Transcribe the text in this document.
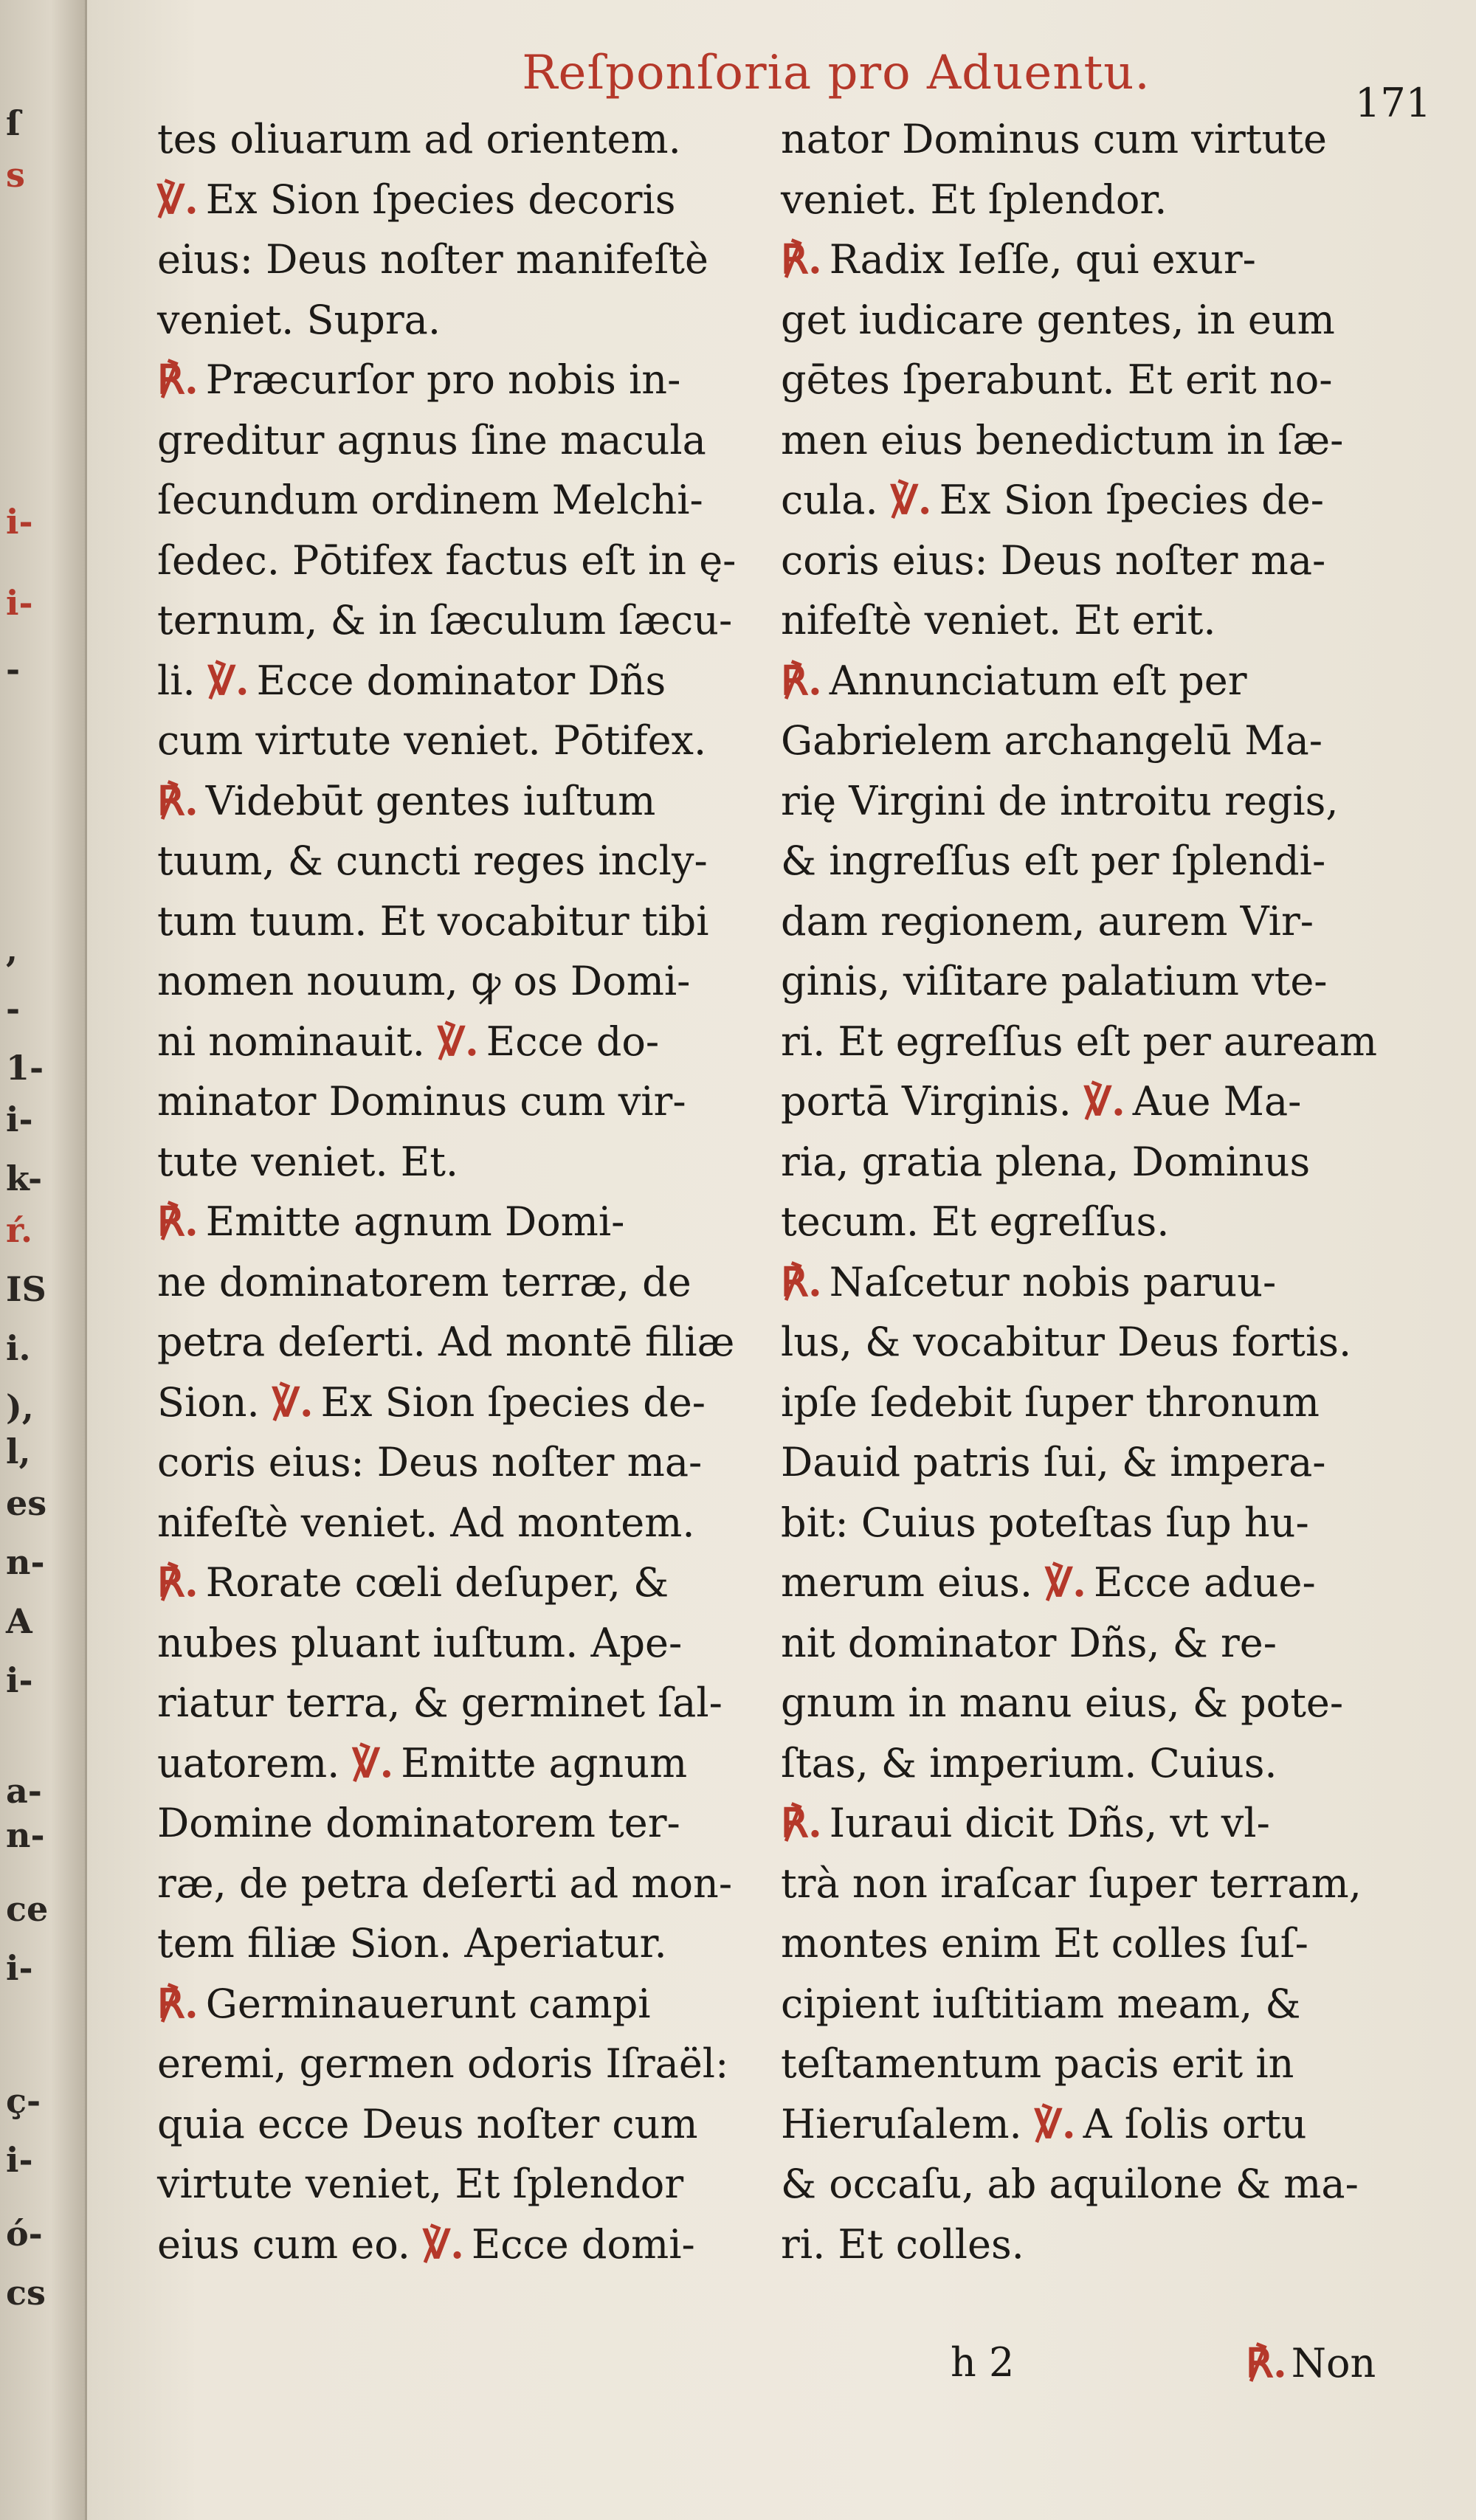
ſ
s
i-
i-
-
,
-
1-
i-
k-
ŕ.
IS
i.
),
l,
es
n-
A
i-
a-
n-
ce
i-
ç-
i-
ó-
cs
Reſponſoria pro Aduentu.
171
tes oliuarum ad orientem.
℣. Ex Sion ſpecies decoris
eius: Deus noſter manifeſtè
veniet. Supra.
℟. Præcurſor pro nobis in-
greditur agnus ſine macula
ſecundum ordinem Melchi-
ſedec. Pōtifex factus eſt in ę-
ternum, & in ſæculum ſæcu-
li. ℣. Ecce dominator Dñs
cum virtute veniet. Pōtifex.
℟. Videbūt gentes iuſtum
tuum, & cuncti reges incly-
tum tuum. Et vocabitur tibi
nomen nouum, ꝙ os Domi-
ni nominauit. ℣. Ecce do-
minator Dominus cum vir-
tute veniet. Et.
℟. Emitte agnum Domi-
ne dominatorem terræ, de
petra deſerti. Ad montē filiæ
Sion. ℣. Ex Sion ſpecies de-
coris eius: Deus noſter ma-
nifeſtè veniet. Ad montem.
℟. Rorate cœli deſuper, &
nubes pluant iuſtum. Ape-
riatur terra, & germinet ſal-
uatorem. ℣. Emitte agnum
Domine dominatorem ter-
ræ, de petra deſerti ad mon-
tem filiæ Sion. Aperiatur.
℟. Germinauerunt campi
eremi, germen odoris Iſraël:
quia ecce Deus noſter cum
virtute veniet, Et ſplendor
eius cum eo. ℣. Ecce domi-
nator Dominus cum virtute
veniet. Et ſplendor.
℟. Radix Ieſſe, qui exur-
get iudicare gentes, in eum
gētes ſperabunt. Et erit no-
men eius benedictum in ſæ-
cula. ℣. Ex Sion ſpecies de-
coris eius: Deus noſter ma-
nifeſtè veniet. Et erit.
℟. Annunciatum eſt per
Gabrielem archangelū Ma-
rię Virgini de introitu regis,
& ingreſſus eſt per ſplendi-
dam regionem, aurem Vir-
ginis, viſitare palatium vte-
ri. Et egreſſus eſt per auream
portā Virginis. ℣. Aue Ma-
ria, gratia plena, Dominus
tecum. Et egreſſus.
℟. Naſcetur nobis paruu-
lus, & vocabitur Deus fortis.
ipſe ſedebit ſuper thronum
Dauid patris ſui, & impera-
bit: Cuius poteſtas ſup hu-
merum eius. ℣. Ecce adue-
nit dominator Dñs, & re-
gnum in manu eius, & pote-
ſtas, & imperium. Cuius.
℟. Iuraui dicit Dñs, vt vl-
trà non iraſcar ſuper terram,
montes enim Et colles ſuſ-
cipient iuſtitiam meam, &
teſtamentum pacis erit in
Hieruſalem. ℣. A ſolis ortu
& occaſu, ab aquilone & ma-
ri. Et colles.
h 2	℟. Non
